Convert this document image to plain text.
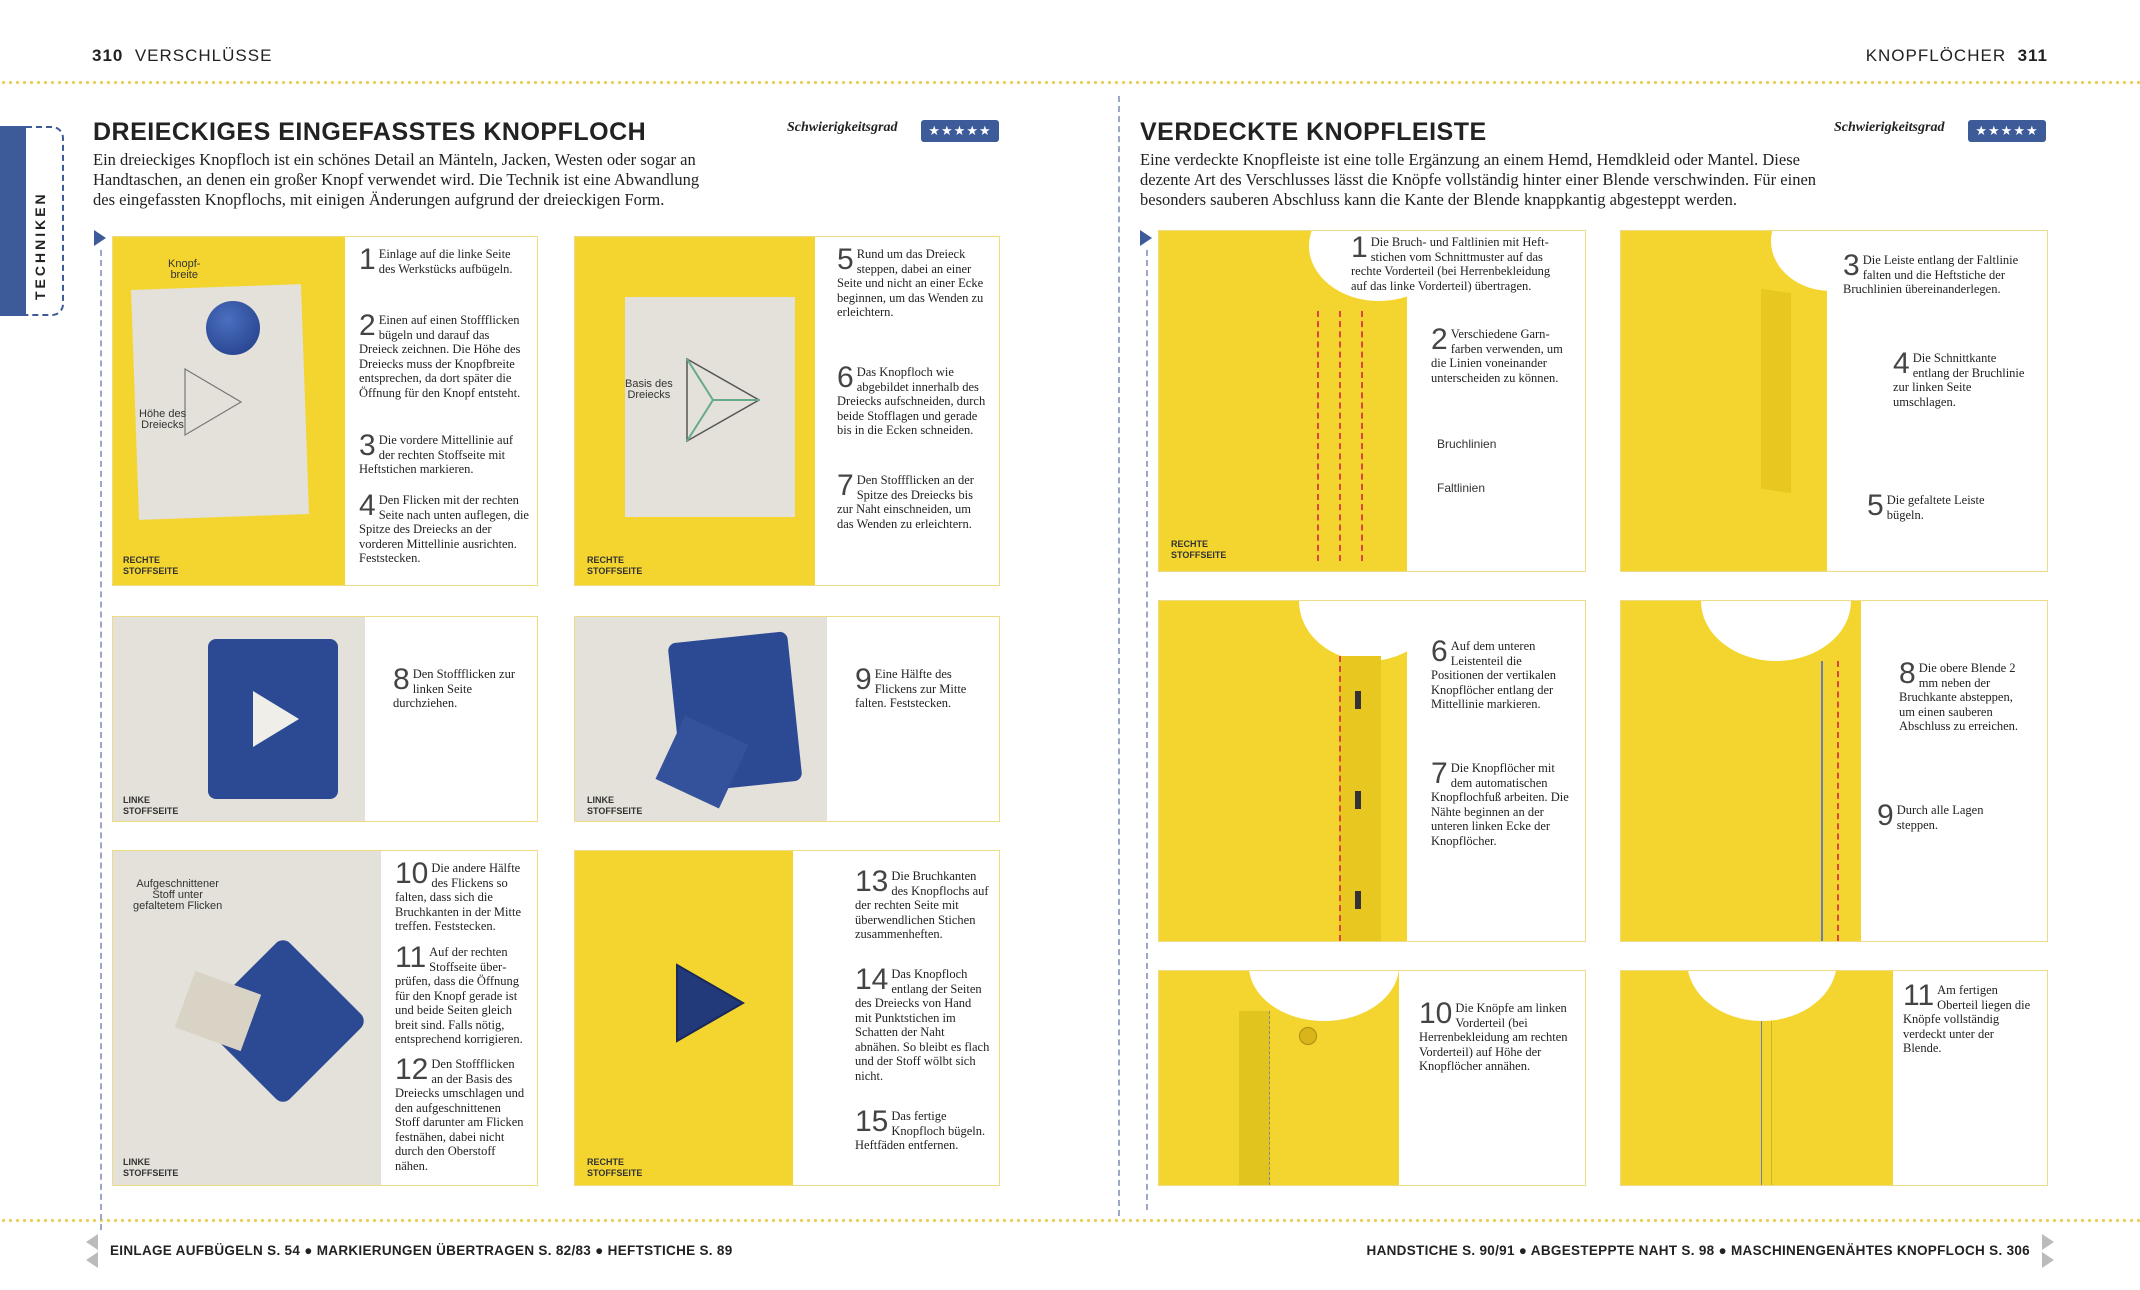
310 VERSCHLÜSSE	KNOPFLÖCHER 311
TECHNIKEN
DREIECKIGES EINGEFASSTES KNOPFLOCH	Schwierigkeitsgrad	★★★★★
Ein dreieckiges Knopfloch ist ein schönes Detail an Mänteln, Jacken, Westen oder sogar an
Handtaschen, an denen ein großer Knopf verwendet wird. Die Technik ist eine Abwandlung
des eingefassten Knopflochs, mit einigen Änderungen aufgrund der dreieckigen Form.
Knopf-
breite
Höhe des
Dreiecks
RECHTE
STOFFSEITE
1 Einlage auf die linke Seite des Werkstücks aufbügeln.
2 Einen auf einen Stoffflicken bügeln und darauf das Dreieck zeichnen. Die Höhe des Dreiecks muss der Knopfbreite entsprechen, da dort später die Öffnung für den Knopf entsteht.
3 Die vordere Mittellinie auf der rechten Stoffseite mit Heftstichen markieren.
4 Den Flicken mit der rechten Seite nach unten auflegen, die Spitze des Dreiecks an der vorderen Mittellinie ausrichten. Feststecken.
Basis des
Dreiecks
RECHTE
STOFFSEITE
5 Rund um das Dreieck steppen, dabei an einer Seite und nicht an einer Ecke beginnen, um das Wenden zu erleichtern.
6 Das Knopfloch wie abgebildet innerhalb des Dreiecks aufschneiden, durch beide Stofflagen und gerade bis in die Ecken schneiden.
7 Den Stoffflicken an der Spitze des Dreiecks bis zur Naht einschneiden, um das Wenden zu erleichtern.
LINKE
STOFFSEITE
8 Den Stoffflicken zur linken Seite durchziehen.
LINKE
STOFFSEITE
9 Eine Hälfte des Flickens zur Mitte falten. Feststecken.
Aufgeschnittener
Stoff unter
gefaltetem Flicken
LINKE
STOFFSEITE
10 Die andere Hälfte des Flickens so falten, dass sich die Bruchkanten in der Mitte treffen. Feststecken.
11 Auf der rechten Stoffseite überprüfen, dass die Öffnung für den Knopf gerade ist und beide Seiten gleich breit sind. Falls nötig, entsprechend korrigieren.
12 Den Stoffflicken an der Basis des Dreiecks umschlagen und den aufgeschnittenen Stoff darunter am Flicken festnähen, dabei nicht durch den Oberstoff nähen.	RECHTE
STOFFSEITE
13 Die Bruchkanten des Knopflochs auf der rechten Seite mit überwendlichen Stichen zusammenheften.
14 Das Knopfloch entlang der Seiten des Dreiecks von Hand mit Punktstichen im Schatten der Naht abnähen. So bleibt es flach und der Stoff wölbt sich nicht.
15 Das fertige Knopfloch bügeln. Heftfäden entfernen.
VERDECKTE KNOPFLEISTE	Schwierigkeitsgrad	★★★★★
Eine verdeckte Knopfleiste ist eine tolle Ergänzung an einem Hemd, Hemdkleid oder Mantel. Diese
dezente Art des Verschlusses lässt die Knöpfe vollständig hinter einer Blende verschwinden. Für einen
besonders sauberen Abschluss kann die Kante der Blende knappkantig abgesteppt werden.
RECHTE
STOFFSEITE
Bruchlinien
Faltlinien
1 Die Bruch- und Faltlinien mit Heftstichen vom Schnittmuster auf das rechte Vorderteil (bei Herrenbekleidung auf das linke Vorderteil) übertragen.
2 Verschiedene Garnfarben verwenden, um die Linien voneinander unterscheiden zu können.
3 Die Leiste entlang der Faltlinie falten und die Heftstiche der Bruchlinien übereinanderlegen.
4 Die Schnittkante entlang der Bruchlinie zur linken Seite umschlagen.
5 Die gefaltete Leiste bügeln.
6 Auf dem unteren Leistenteil die Positionen der vertikalen Knopflöcher entlang der Mittellinie markieren.
7 Die Knopflöcher mit dem automatischen Knopflochfuß arbeiten. Die Nähte beginnen an der unteren linken Ecke der Knopflöcher.
8 Die obere Blende 2 mm neben der Bruchkante absteppen, um einen sauberen Abschluss zu erreichen.
9 Durch alle Lagen steppen.
10 Die Knöpfe am linken Vorderteil (bei Herrenbekleidung am rechten Vorderteil) auf Höhe der Knopflöcher annähen.
11 Am fertigen Oberteil liegen die Knöpfe vollständig verdeckt unter der Blende.
EINLAGE AUFBÜGELN S. 54 ● MARKIERUNGEN ÜBERTRAGEN S. 82/83 ● HEFTSTICHE S. 89	HANDSTICHE S. 90/91 ● ABGESTEPPTE NAHT S. 98 ● MASCHINENGENÄHTES KNOPFLOCH S. 306
